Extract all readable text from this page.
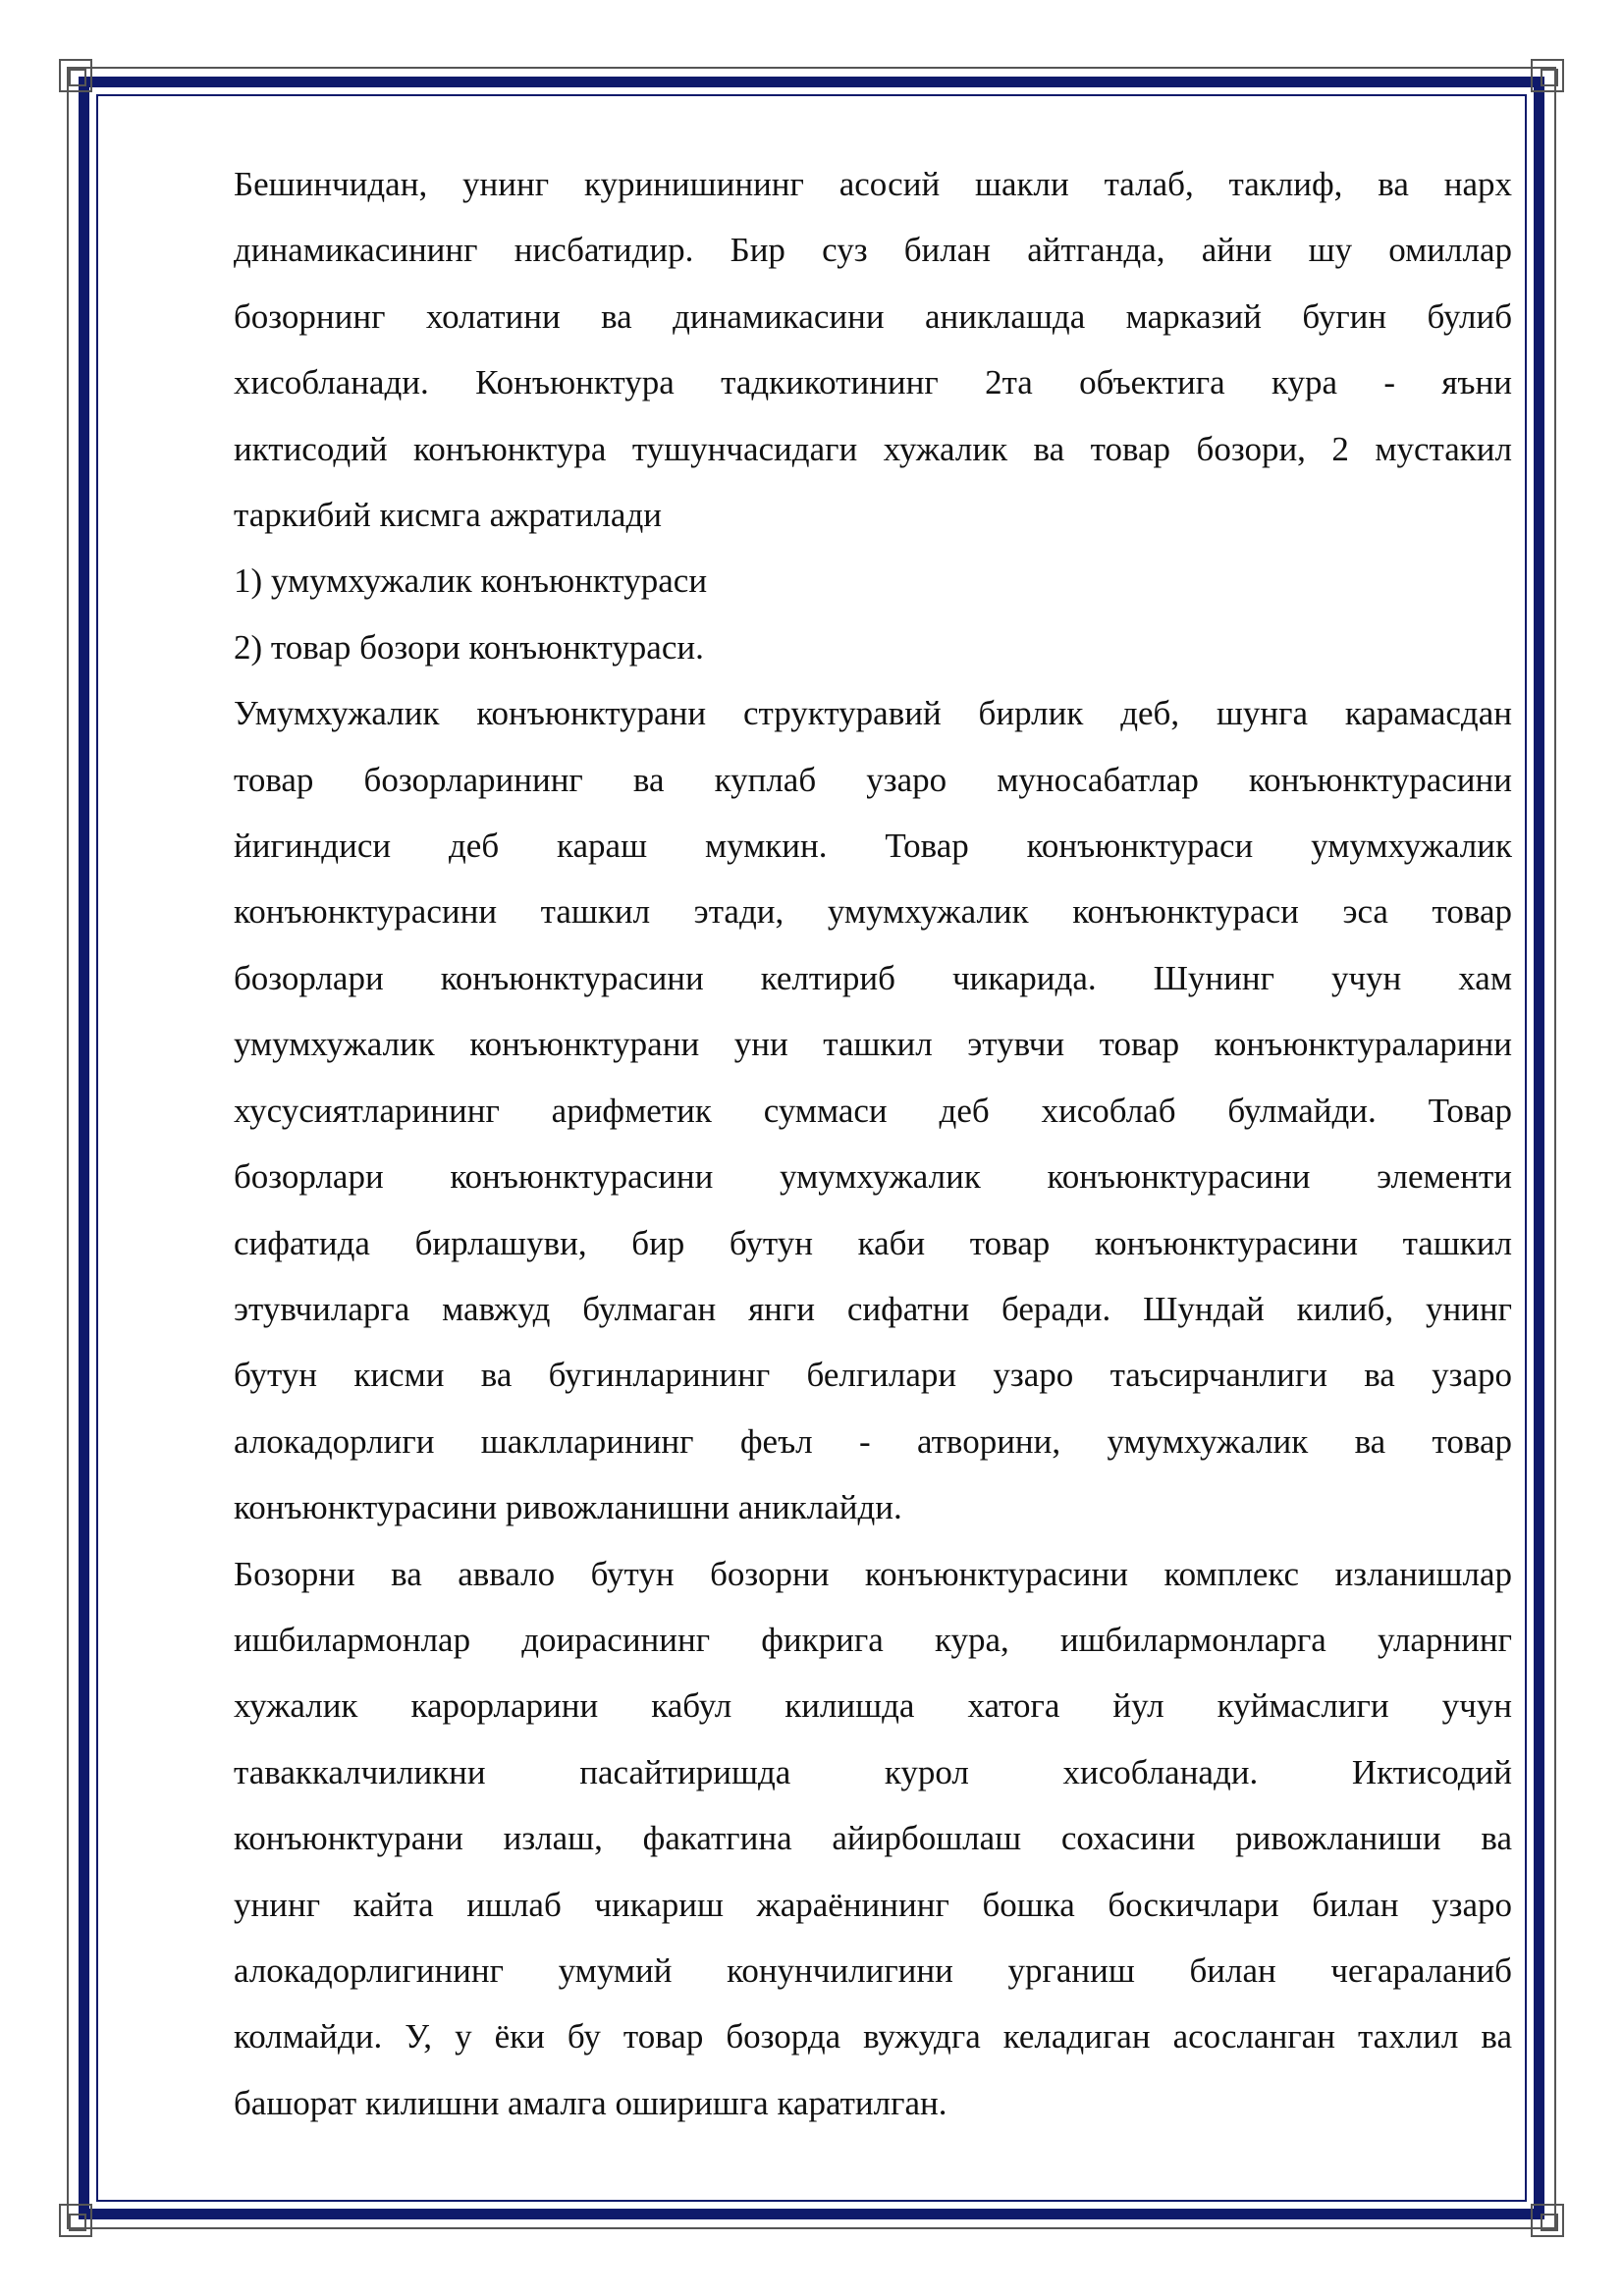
Бешинчидан, унинг куринишининг асосий шакли талаб, таклиф, ва нарх
динамикасининг нисбатидир. Бир суз билан айтганда, айни шу омиллар
бозорнинг холатини ва динамикасини аниклашда марказий бугин булиб
хисобланади. Конъюнктура тадкикотининг 2та объектига кура - яъни
иктисодий конъюнктура тушунчасидаги хужалик ва товар бозори, 2 мустакил
таркибий кисмга ажратилади

1) умумхужалик конъюнктураси

2) товар бозори конъюнктураси.

Умумхужалик конъюнктурани структуравий бирлик деб, шунга карамасдан
товар бозорларининг ва куплаб узаро муносабатлар конъюнктурасини
йигиндиси деб караш мумкин. Товар конъюнктураси умумхужалик
конъюнктурасини ташкил этади, умумхужалик конъюнктураси эса товар
бозорлари конъюнктурасини келтириб чикарида. Шунинг учун хам
умумхужалик конъюнктурани уни ташкил этувчи товар конъюнктураларини
хусусиятларининг арифметик суммаси деб хисоблаб булмайди. Товар
бозорлари конъюнктурасини умумхужалик конъюнктурасини элементи
сифатида бирлашуви, бир бутун каби товар конъюнктурасини ташкил
этувчиларга мавжуд булмаган янги сифатни беради. Шундай килиб, унинг
бутун кисми ва бугинларининг белгилари узаро таъсирчанлиги ва узаро
алокадорлиги шаклларининг феъл - атворини, умумхужалик ва товар
конъюнктурасини ривожланишни аниклайди.

Бозорни ва аввало бутун бозорни конъюнктурасини комплекс изланишлар
ишбилармонлар доирасининг фикрига кура, ишбилармонларга уларнинг
хужалик карорларини кабул килишда хатога йул куймаслиги учун
таваккалчиликни пасайтиришда курол хисобланади. Иктисодий
конъюнктурани излаш, факатгина айирбошлаш сохасини ривожланиши ва
унинг кайта ишлаб чикариш жараёнининг бошка боскичлари билан узаро
алокадорлигининг умумий конунчилигини урганиш билан чегараланиб
колмайди. У, у ёки бу товар бозорда вужудга келадиган асосланган тахлил ва
башорат килишни амалга оширишга каратилган.
